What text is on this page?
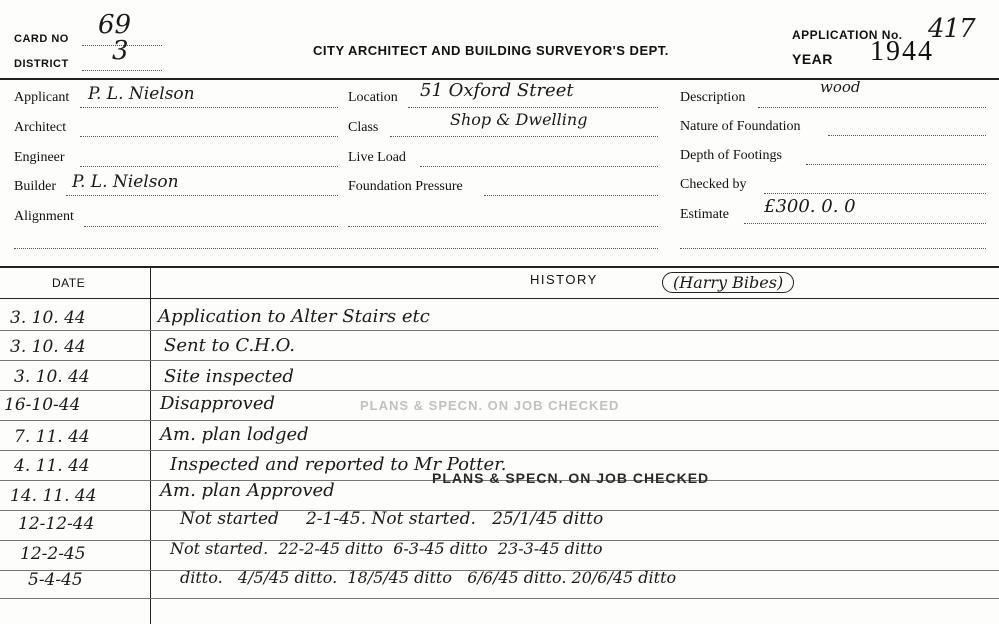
CARD NO 69
DISTRICT 3	CITY ARCHITECT AND BUILDING SURVEYOR'S DEPT.
APPLICATION No. 417
YEAR 1944
Applicant P. L. Nielson
Architect
Engineer
Builder P. L. Nielson
Alignment
Location 51 Oxford Street
Class	Shop & Dwelling
Live Load
Foundation Pressure
Description
wood
Nature of Foundation
Depth of Footings
Checked by
Estimate £300. 0. 0
DATE	HISTORY	(Harry Bibes)
3. 10. 44	Application to Alter Stairs etc
3. 10. 44	Sent to C.H.O.
3. 10. 44	Site inspected
16-10-44	Disapproved	PLANS & SPECN. ON JOB CHECKED
7. 11. 44	Am. plan lodged
4. 11. 44	Inspected and reported to Mr Potter.
14. 11. 44	Am. plan Approved
PLANS & SPECN. ON JOB CHECKED
12-12-44	Not started     2-1-45. Not started.   25/1/45 ditto
12-2-45	Not started.  22-2-45 ditto  6-3-45 ditto  23-3-45 ditto
5-4-45	ditto.   4/5/45 ditto.  18/5/45 ditto   6/6/45 ditto. 20/6/45 ditto
